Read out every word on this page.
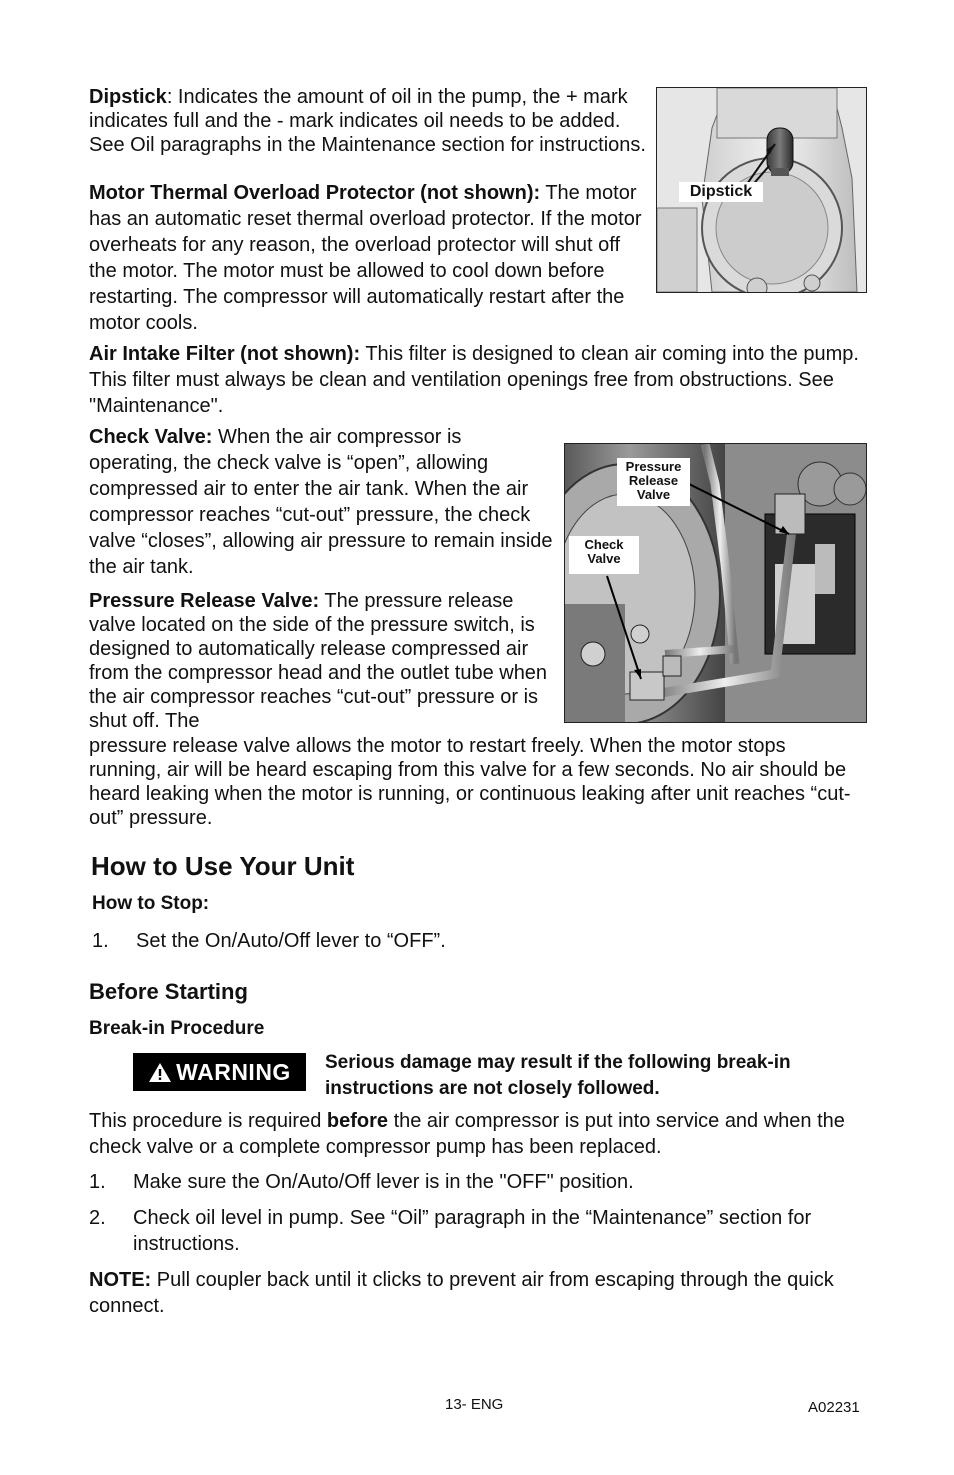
Dipstick: Indicates the amount of oil in the pump, the + mark indicates full and the - mark indicates oil needs to be added. See Oil paragraphs in the Maintenance section for instructions.

Motor Thermal Overload Protector (not shown): The motor has an automatic reset thermal overload protector. If the motor overheats for any reason, the overload protector will shut off the motor. The motor must be allowed to cool down before restarting. The compressor will automatically restart after the motor cools.

Dipstick

Air Intake Filter (not shown): This filter is designed to clean air coming into the pump. This filter must always be clean and ventilation openings free from obstructions. See "Maintenance".

Check Valve: When the air compressor is operating, the check valve is “open”, allowing compressed air to enter the air tank. When the air compressor reaches “cut-out” pressure, the check valve “closes”, allowing air pressure to remain inside the air tank.

Pressure Release Valve: The pressure release valve located on the side of the pressure switch, is designed to automatically release compressed air from the compressor head and the outlet tube when the air compressor reaches “cut-out” pressure or is shut off. The

pressure release valve allows the motor to restart freely. When the motor stops running, air will be heard escaping from this valve for a few seconds. No air should be heard leaking when the motor is running, or continuous leaking after unit reaches “cut-out” pressure.

Pressure Release Valve
Check Valve
How to Use Your Unit
How to Stop:
1. Set the On/Auto/Off lever to “OFF”.
Before Starting
Break-in Procedure
WARNING Serious damage may result if the following break-in instructions are not closely followed.

This procedure is required before the air compressor is put into service and when the check valve or a complete compressor pump has been replaced.

1. Make sure the On/Auto/Off lever is in the "OFF" position.
2. Check oil level in pump. See “Oil” paragraph in the “Maintenance” section for instructions.

NOTE: Pull coupler back until it clicks to prevent air from escaping through the quick connect.

13- ENG	A02231
